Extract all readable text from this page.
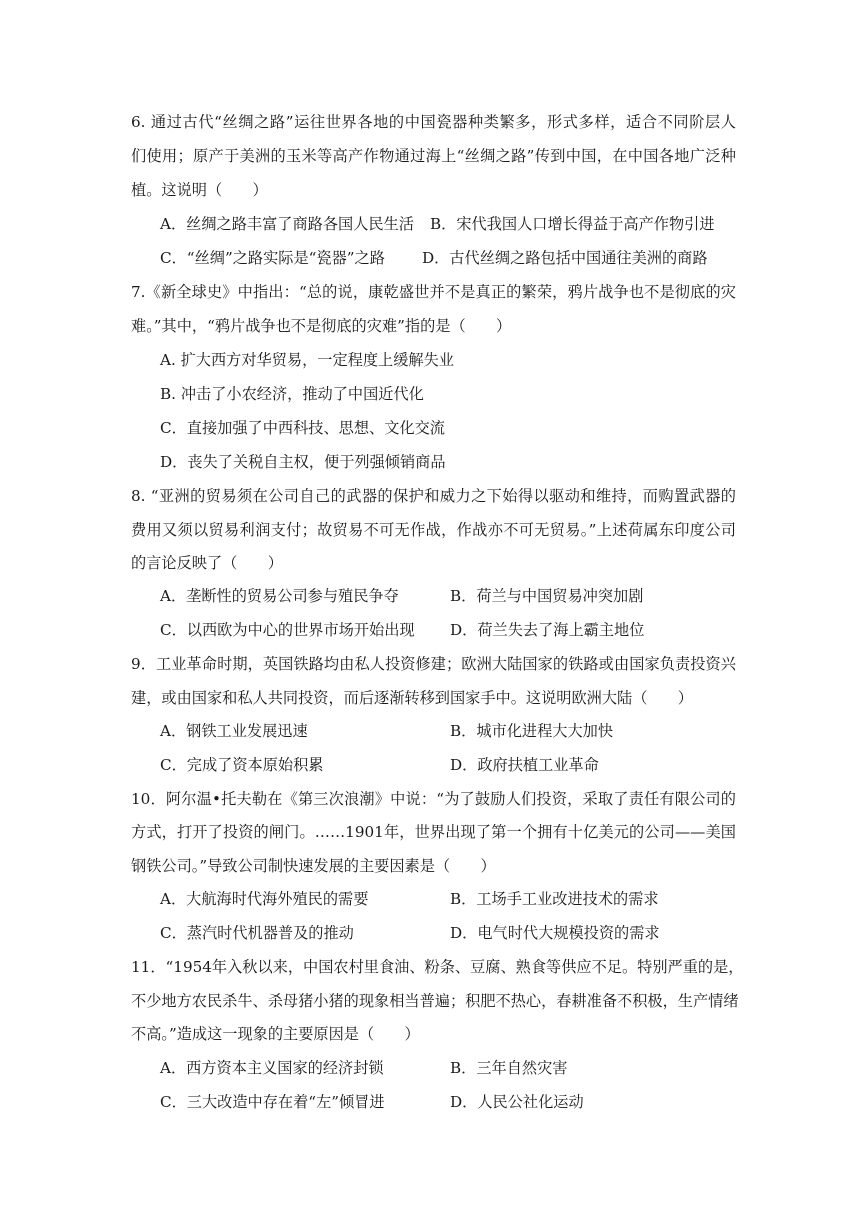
6. 通过古代“丝绸之路”运往世界各地的中国瓷器种类繁多，形式多样，适合不同阶层人
们使用；原产于美洲的玉米等高产作物通过海上“丝绸之路”传到中国，在中国各地广泛种
植。这说明（　　）
A．丝绸之路丰富了商路各国人民生活 B．宋代我国人口增长得益于高产作物引进
C．“丝绸”之路实际是“瓷器”之路 D．古代丝绸之路包括中国通往美洲的商路
7.《新全球史》中指出：“总的说，康乾盛世并不是真正的繁荣，鸦片战争也不是彻底的灾
难。”其中，“鸦片战争也不是彻底的灾难”指的是（　　）
A. 扩大西方对华贸易，一定程度上缓解失业
B. 冲击了小农经济，推动了中国近代化
C．直接加强了中西科技、思想、文化交流
D．丧失了关税自主权，便于列强倾销商品
8. “亚洲的贸易须在公司自己的武器的保护和威力之下始得以驱动和维持，而购置武器的
费用又须以贸易利润支付；故贸易不可无作战，作战亦不可无贸易。”上述荷属东印度公司
的言论反映了（　　）
A．垄断性的贸易公司参与殖民争夺	B．荷兰与中国贸易冲突加剧
C．以西欧为中心的世界市场开始出现 D．荷兰失去了海上霸主地位
9．工业革命时期，英国铁路均由私人投资修建；欧洲大陆国家的铁路或由国家负责投资兴
建，或由国家和私人共同投资，而后逐渐转移到国家手中。这说明欧洲大陆（　　）
A．钢铁工业发展迅速	B．城市化进程大大加快
C．完成了资本原始积累	D．政府扶植工业革命
10．阿尔温•托夫勒在《第三次浪潮》中说：“为了鼓励人们投资，采取了责任有限公司的
方式，打开了投资的闸门。……1901年，世界出现了第一个拥有十亿美元的公司——美国
钢铁公司。”导致公司制快速发展的主要因素是（　　）
A．大航海时代海外殖民的需要	B．工场手工业改进技术的需求
C．蒸汽时代机器普及的推动	D．电气时代大规模投资的需求
11．“1954年入秋以来，中国农村里食油、粉条、豆腐、熟食等供应不足。特别严重的是，
不少地方农民杀牛、杀母猪小猪的现象相当普遍；积肥不热心，春耕准备不积极，生产情绪
不高。”造成这一现象的主要原因是（　　）
A．西方资本主义国家的经济封锁	B．三年自然灾害
C．三大改造中存在着“左”倾冒进	D．人民公社化运动
